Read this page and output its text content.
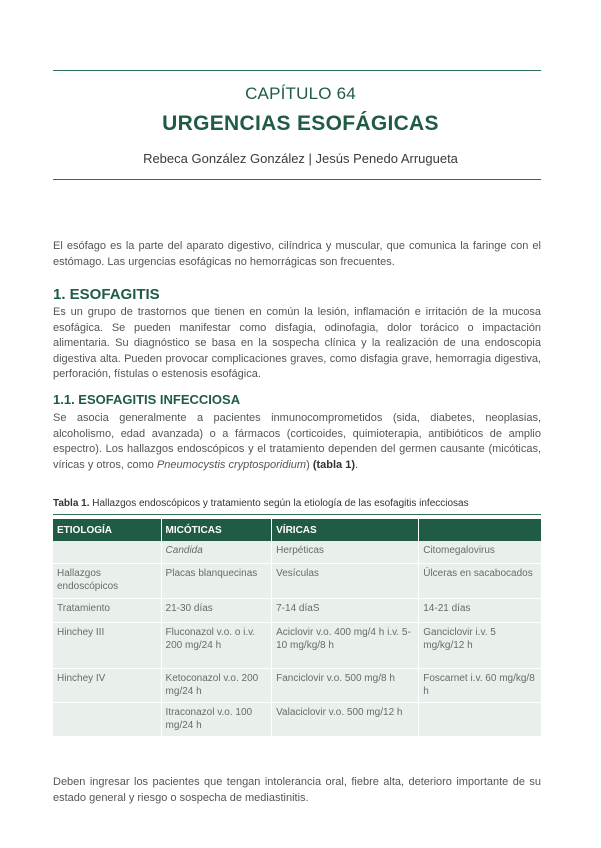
CAPÍTULO 64
URGENCIAS ESOFÁGICAS
Rebeca González González | Jesús Penedo Arrugueta

El esófago es la parte del aparato digestivo, cilíndrica y muscular, que comunica la faringe con el estómago. Las urgencias esofágicas no hemorrágicas son frecuentes.

1. ESOFAGITIS

Es un grupo de trastornos que tienen en común la lesión, inflamación e irritación de la mucosa esofágica. Se pueden manifestar como disfagia, odinofagia, dolor torácico o impactación alimentaria. Su diagnóstico se basa en la sospecha clínica y la realización de una endoscopia digestiva alta. Pueden provocar complicaciones graves, como disfagia grave, hemorragia digestiva, perforación, fístulas o estenosis esofágica.

1.1. ESOFAGITIS INFECCIOSA

Se asocia generalmente a pacientes inmunocomprometidos (sida, diabetes, neoplasias, alcoholismo, edad avanzada) o a fármacos (corticoides, quimioterapia, antibióticos de amplio espectro). Los hallazgos endoscópicos y el tratamiento dependen del germen causante (micóticas, víricas y otros, como Pneumocystis cryptosporidium) (tabla 1).

Tabla 1. Hallazgos endoscópicos y tratamiento según la etiología de las esofagitis infecciosas
ETIOLOGÍA	MICÓTICAS	VÍRICAS	
	Candida	Herpéticas	Citomegalovirus
Hallazgos endoscópicos	Placas blanquecinas	Vesículas	Úlceras en sacabocados
Tratamiento	21-30 días	7-14 díaS	14-21 días
Hinchey III	Fluconazol v.o. o i.v. 200 mg/24 h	Aciclovir v.o. 400 mg/4 h i.v. 5-10 mg/kg/8 h	Ganciclovir i.v. 5 mg/kg/12 h
Hinchey IV	Ketoconazol v.o. 200 mg/24 h	Fanciclovir v.o. 500 mg/8 h	Foscarnet i.v. 60 mg/kg/8 h
	Itraconazol v.o. 100 mg/24 h	Valaciclovir v.o. 500 mg/12 h	

Deben ingresar los pacientes que tengan intolerancia oral, fiebre alta, deterioro importante de su estado general y riesgo o sospecha de mediastinitis.
